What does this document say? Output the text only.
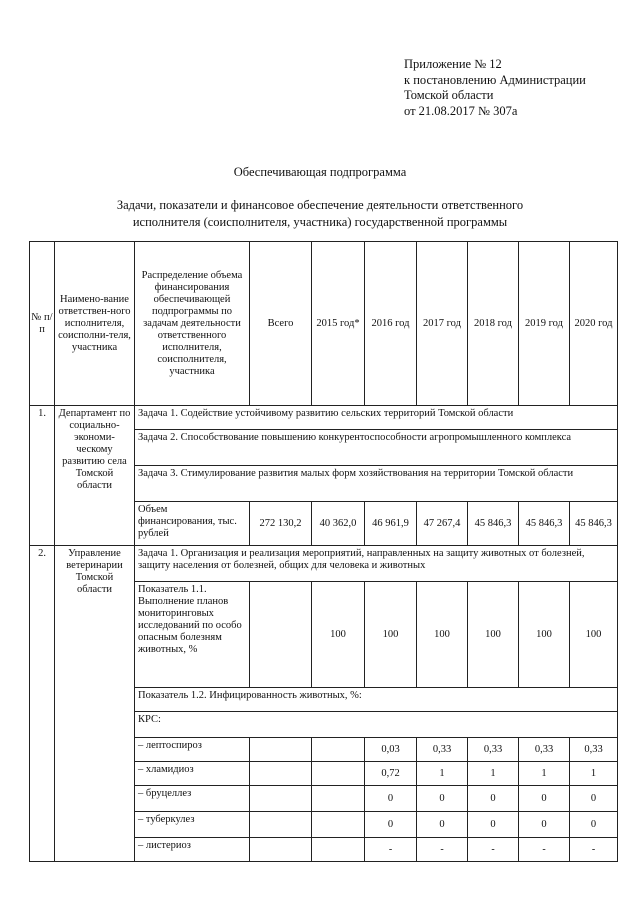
Приложение № 12
к постановлению Администрации
Томской области
от 21.08.2017 № 307а
Обеспечивающая подпрограмма
Задачи, показатели и финансовое обеспечение деятельности ответственного
исполнителя (соисполнителя, участника) государственной программы
№ п/п	Наимено-вание ответствен-ного исполнителя, соисполни-теля, участника	Распределение объема финансирования обеспечивающей подпрограммы по задачам деятельности ответственного исполнителя, соисполнителя, участника	Всего	2015 год*	2016 год	2017 год	2018 год	2019 год	2020 год
1.	Департамент по социально-экономи-ческому развитию села Томской области	Задача 1. Содействие устойчивому развитию сельских территорий Томской области							
		Задача 2. Способствование повышению конкурентоспособности агропромышленного комплекса							
		Задача 3. Стимулирование развития малых форм хозяйствования на территории Томской области							
		Объем финансирования, тыс. рублей	272 130,2	40 362,0	46 961,9	47 267,4	45 846,3	45 846,3	45 846,3
2.	Управление ветеринарии Томской области	Задача 1. Организация и реализация мероприятий, направленных на защиту животных от болезней, защиту населения от болезней, общих для человека и животных							
		Показатель 1.1. Выполнение планов мониторинговых исследований по особо опасным болезням животных, %		100	100	100	100	100	100
		Показатель 1.2. Инфицированность животных, %:							
		КРС:							
		– лептоспироз			0,03	0,33	0,33	0,33	0,33
		– хламидиоз			0,72	1	1	1	1
		– бруцеллез			0	0	0	0	0
		– туберкулез			0	0	0	0	0
		– листериоз			-	-	-	-	-
